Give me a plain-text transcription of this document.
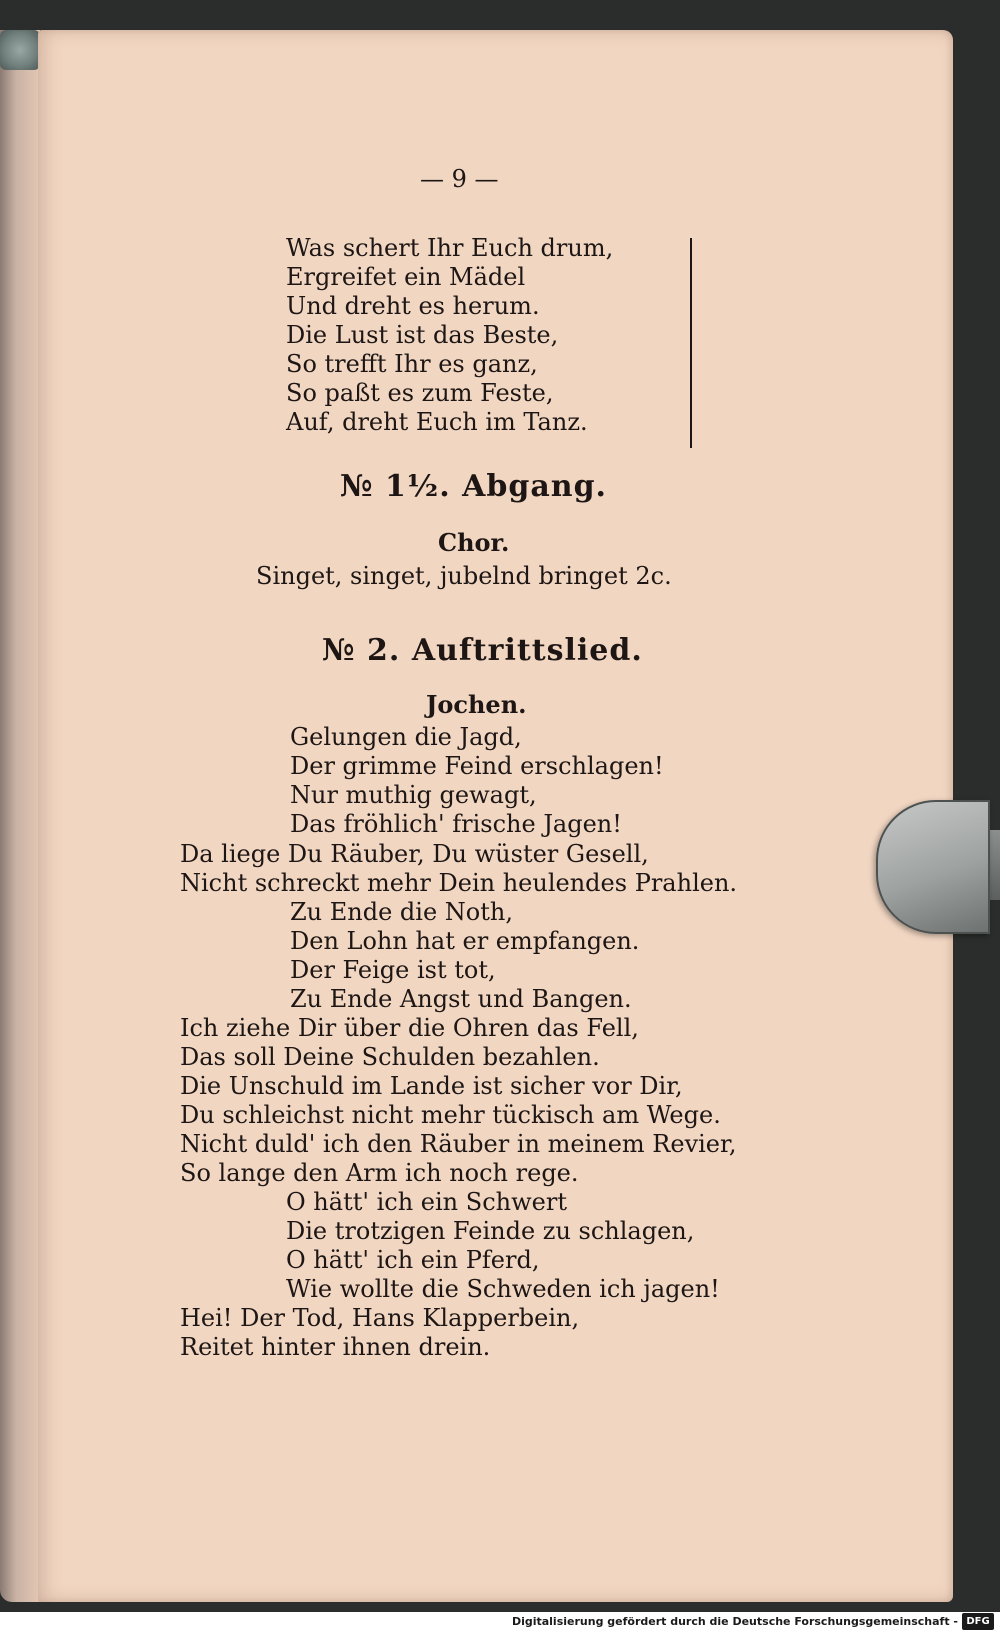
— 9 —
Was schert Ihr Euch drum,
Ergreifet ein Mädel
Und dreht es herum.
Die Lust ist das Beste,
So trefft Ihr es ganz,
So paßt es zum Feste,
Auf, dreht Euch im Tanz.
№ 1½. Abgang.
Chor.
Singet, singet, jubelnd bringet 2c.
№ 2. Auftrittslied.
Jochen.
Gelungen die Jagd,
Der grimme Feind erschlagen!
Nur muthig gewagt,
Das fröhlich' frische Jagen!
Da liege Du Räuber, Du wüster Gesell,
Nicht schreckt mehr Dein heulendes Prahlen.
Zu Ende die Noth,
Den Lohn hat er empfangen.
Der Feige ist tot,
Zu Ende Angst und Bangen.
Ich ziehe Dir über die Ohren das Fell,
Das soll Deine Schulden bezahlen.
Die Unschuld im Lande ist sicher vor Dir,
Du schleichst nicht mehr tückisch am Wege.
Nicht duld' ich den Räuber in meinem Revier,
So lange den Arm ich noch rege.
O hätt' ich ein Schwert
Die trotzigen Feinde zu schlagen,
O hätt' ich ein Pferd,
Wie wollte die Schweden ich jagen!
Hei! Der Tod, Hans Klapperbein,
Reitet hinter ihnen drein.
Digitalisierung gefördert durch die Deutsche Forschungsgemeinschaft - DFG
